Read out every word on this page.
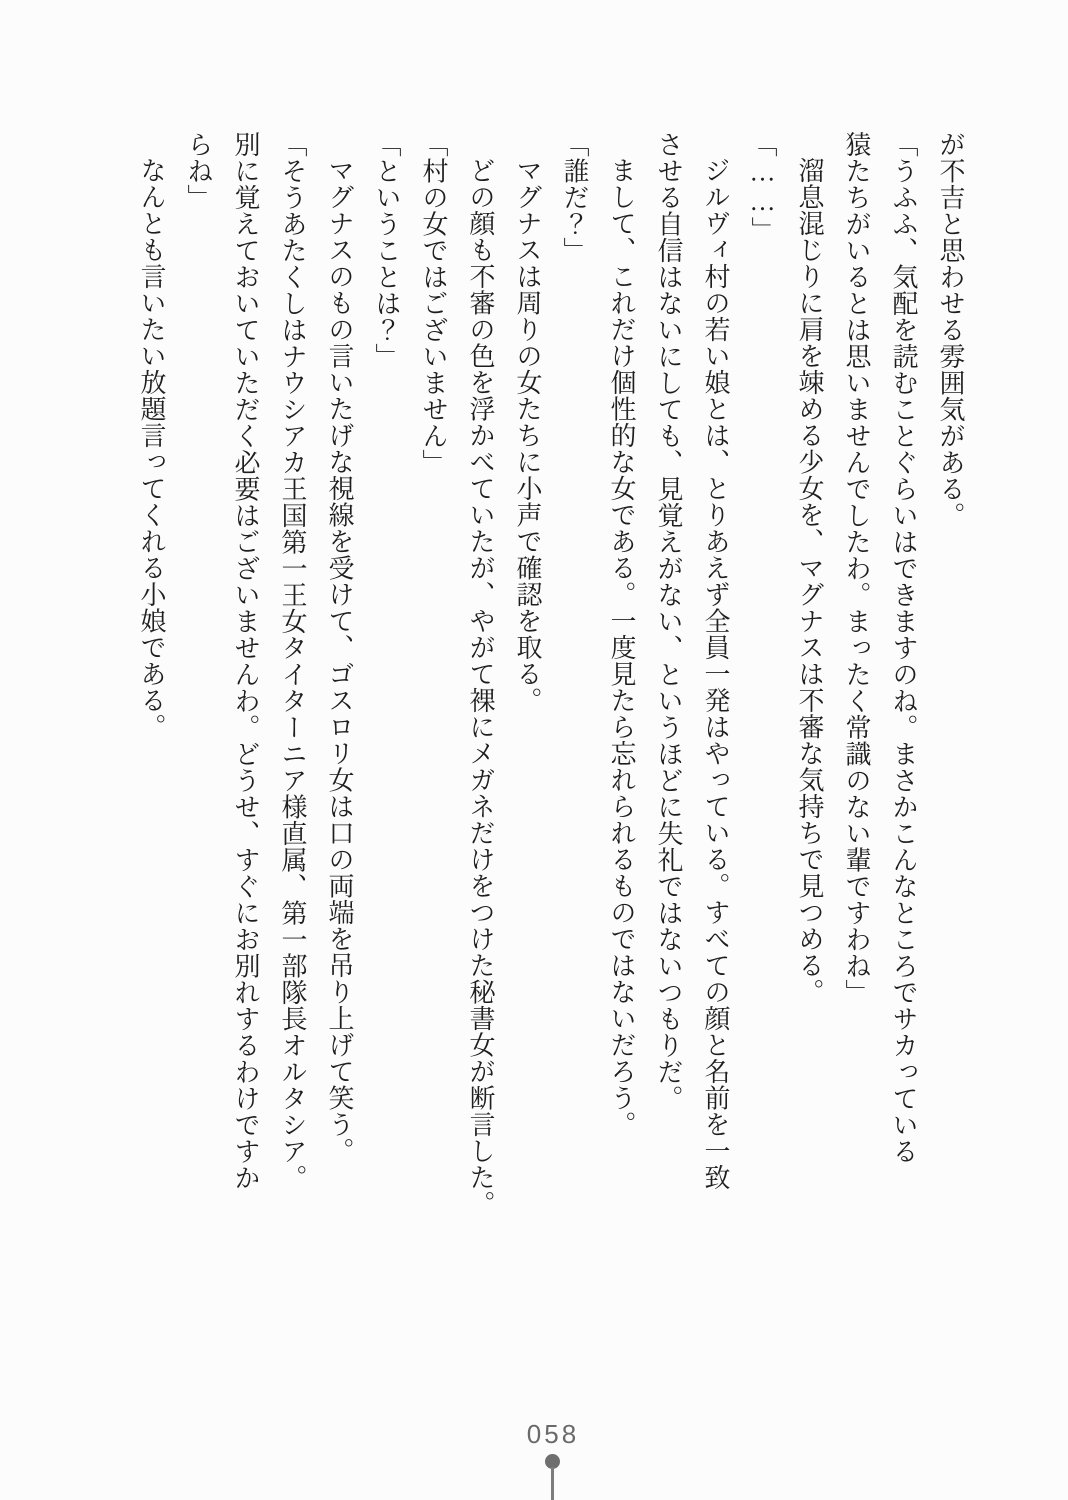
が不吉と思わせる雰囲気がある。

「うふふ、気配を読むことぐらいはできますのね。まさかこんなところでサカっている

猿たちがいるとは思いませんでしたわ。まったく常識のない輩ですわね」

溜息混じりに肩を竦める少女を、マグナスは不審な気持ちで見つめる。

「……」

ジルヴィ村の若い娘とは、とりあえず全員一発はやっている。すべての顔と名前を一致

させる自信はないにしても、見覚えがない、というほどに失礼ではないつもりだ。

まして、これだけ個性的な女である。一度見たら忘れられるものではないだろう。

「誰だ？」

マグナスは周りの女たちに小声で確認を取る。

どの顔も不審の色を浮かべていたが、やがて裸にメガネだけをつけた秘書女が断言した。

「村の女ではございません」

「ということは？」

マグナスのもの言いたげな視線を受けて、ゴスロリ女は口の両端を吊り上げて笑う。

「そうあたくしはナウシアカ王国第一王女タイターニア様直属、第一部隊長オルタシア。

別に覚えておいていただく必要はございませんわ。どうせ、すぐにお別れするわけですか

らね」

なんとも言いたい放題言ってくれる小娘である。

058
